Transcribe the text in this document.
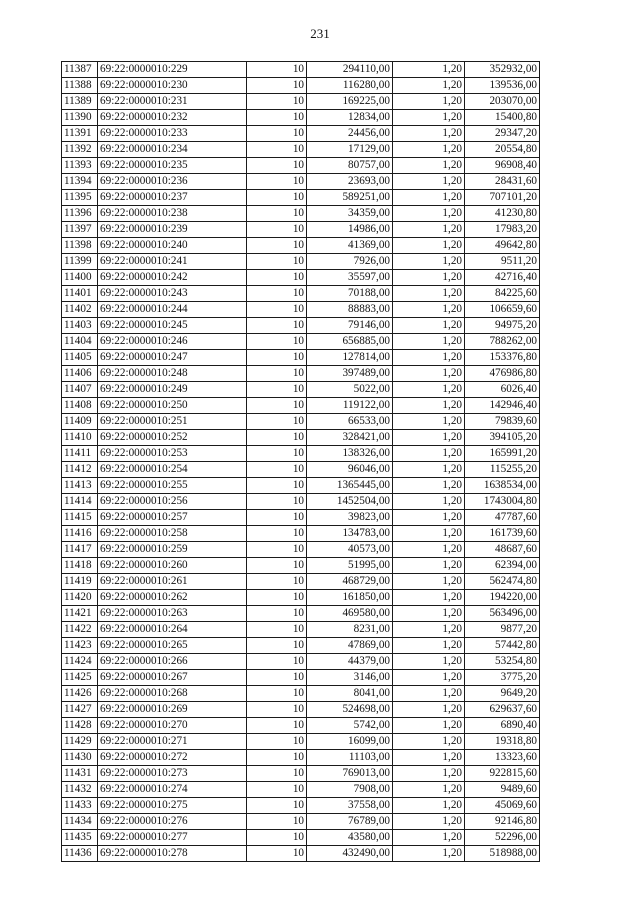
231
11387	69:22:0000010:229	10	294110,00	1,20	352932,00
11388	69:22:0000010:230	10	116280,00	1,20	139536,00
11389	69:22:0000010:231	10	169225,00	1,20	203070,00
11390	69:22:0000010:232	10	12834,00	1,20	15400,80
11391	69:22:0000010:233	10	24456,00	1,20	29347,20
11392	69:22:0000010:234	10	17129,00	1,20	20554,80
11393	69:22:0000010:235	10	80757,00	1,20	96908,40
11394	69:22:0000010:236	10	23693,00	1,20	28431,60
11395	69:22:0000010:237	10	589251,00	1,20	707101,20
11396	69:22:0000010:238	10	34359,00	1,20	41230,80
11397	69:22:0000010:239	10	14986,00	1,20	17983,20
11398	69:22:0000010:240	10	41369,00	1,20	49642,80
11399	69:22:0000010:241	10	7926,00	1,20	9511,20
11400	69:22:0000010:242	10	35597,00	1,20	42716,40
11401	69:22:0000010:243	10	70188,00	1,20	84225,60
11402	69:22:0000010:244	10	88883,00	1,20	106659,60
11403	69:22:0000010:245	10	79146,00	1,20	94975,20
11404	69:22:0000010:246	10	656885,00	1,20	788262,00
11405	69:22:0000010:247	10	127814,00	1,20	153376,80
11406	69:22:0000010:248	10	397489,00	1,20	476986,80
11407	69:22:0000010:249	10	5022,00	1,20	6026,40
11408	69:22:0000010:250	10	119122,00	1,20	142946,40
11409	69:22:0000010:251	10	66533,00	1,20	79839,60
11410	69:22:0000010:252	10	328421,00	1,20	394105,20
11411	69:22:0000010:253	10	138326,00	1,20	165991,20
11412	69:22:0000010:254	10	96046,00	1,20	115255,20
11413	69:22:0000010:255	10	1365445,00	1,20	1638534,00
11414	69:22:0000010:256	10	1452504,00	1,20	1743004,80
11415	69:22:0000010:257	10	39823,00	1,20	47787,60
11416	69:22:0000010:258	10	134783,00	1,20	161739,60
11417	69:22:0000010:259	10	40573,00	1,20	48687,60
11418	69:22:0000010:260	10	51995,00	1,20	62394,00
11419	69:22:0000010:261	10	468729,00	1,20	562474,80
11420	69:22:0000010:262	10	161850,00	1,20	194220,00
11421	69:22:0000010:263	10	469580,00	1,20	563496,00
11422	69:22:0000010:264	10	8231,00	1,20	9877,20
11423	69:22:0000010:265	10	47869,00	1,20	57442,80
11424	69:22:0000010:266	10	44379,00	1,20	53254,80
11425	69:22:0000010:267	10	3146,00	1,20	3775,20
11426	69:22:0000010:268	10	8041,00	1,20	9649,20
11427	69:22:0000010:269	10	524698,00	1,20	629637,60
11428	69:22:0000010:270	10	5742,00	1,20	6890,40
11429	69:22:0000010:271	10	16099,00	1,20	19318,80
11430	69:22:0000010:272	10	11103,00	1,20	13323,60
11431	69:22:0000010:273	10	769013,00	1,20	922815,60
11432	69:22:0000010:274	10	7908,00	1,20	9489,60
11433	69:22:0000010:275	10	37558,00	1,20	45069,60
11434	69:22:0000010:276	10	76789,00	1,20	92146,80
11435	69:22:0000010:277	10	43580,00	1,20	52296,00
11436	69:22:0000010:278	10	432490,00	1,20	518988,00
